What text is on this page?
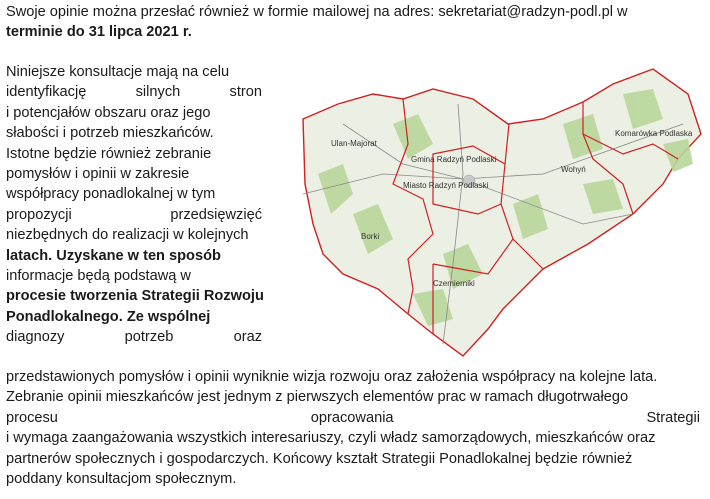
Swoje opinie można przesłać również w formie mailowej na adres: sekretariat@radzyn-podl.pl w
terminie do 31 lipca 2021 r.
Niniejsze konsultacje mają na celu
identyfikację	silnych	stron
i potencjałów obszaru oraz jego
słabości i potrzeb mieszkańców.
Istotne będzie również zebranie
pomysłów i opinii w zakresie
współpracy ponadlokalnej w tym
propozycji	przedsięwzięć
niezbędnych do realizacji w kolejnych
latach. Uzyskane w ten sposób
informacje będą podstawą w
procesie tworzenia Strategii Rozwoju
Ponadlokalnego. Ze wspólnej
diagnozy	potrzeb	oraz
przedstawionych pomysłów i opinii wyniknie wizja rozwoju oraz założenia współpracy na kolejne lata.
Zebranie opinii mieszkańców jest jednym z pierwszych elementów prac w ramach długotrwałego
procesu	opracowania	Strategii
i wymaga zaangażowania wszystkich interesariuszy, czyli władz samorządowych, mieszkańców oraz
partnerów społecznych i gospodarczych. Końcowy kształt Strategii Ponadlokalnej będzie również
poddany konsultacjom społecznym.
Ulan-Majorat
Gmina Radzyń Podlaski
Miasto Radzyń Podlaski
Komarówka Podlaska
Wohyń
Borki
Czemierniki
